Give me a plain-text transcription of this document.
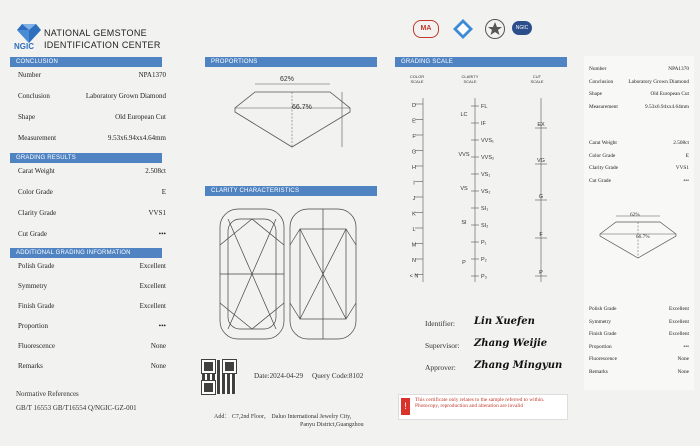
NGIC
NATIONAL GEMSTONE
IDENTIFICATION CENTER
CONCLUSION
Number	NPA1370
Conclusion	Laboratory Grown Diamond
Shape	Old European Cut
Measurement	9.53x6.94xx4.64mm
GRADING RESULTS
Carat Weight	2.508ct
Color Grade	E
Clarity Grade	VVS1
Cut Grade	•••
ADDITIONAL GRADING INFORMATION
Polish Grade	Excellent
Symmetry	Excellent
Finish Grade	Excellent
Proportion	•••
Fluorescence	None
Remarks	None
Normative References
GB/T 16553 GB/T16554 Q/NGIC-GZ-001
PROPORTIONS
62%
66.7%
CLARITY CHARACTERISTICS
Date:2024-04-29 Query Code:8102
Add： C7,2nd Floor， Daluo International Jewelry City,
Panyu District,Guangzhou
MA	NGIC
GRADING SCALE
COLOR
SCALE
CLARITY
SCALE
CUT
SCALE
D
E
F
G
H
I
J
K
L
M
N
< N
FL
IF
VVS₁
VVS₂
VS₁
VS₂
SI₁
SI₂
P₁
P₂
P₃
LC
VVS
VS
SI
P
EX
VG
G
F
P
Identifier: Lin Xuefen
Supervisor: Zhang Weijie
Approver: Zhang Mingyun
!
This certificate only relates to the sample referred to within. Photocopy, reproduction and alteration are invalid
Number	NPA1370
Conclusion	Laboratory Grown Diamond
Shape	Old European Cut
Measurement	9.53x6.94xx4.64mm
Carat Weight	2.508ct
Color Grade	E
Clarity Grade	VVS1
Cut Grade	•••
62%
66.7%
Polish Grade	Excellent
Symmetry	Excellent
Finish Grade	Excellent
Proportion	•••
Fluorescence	None
Remarks	None
